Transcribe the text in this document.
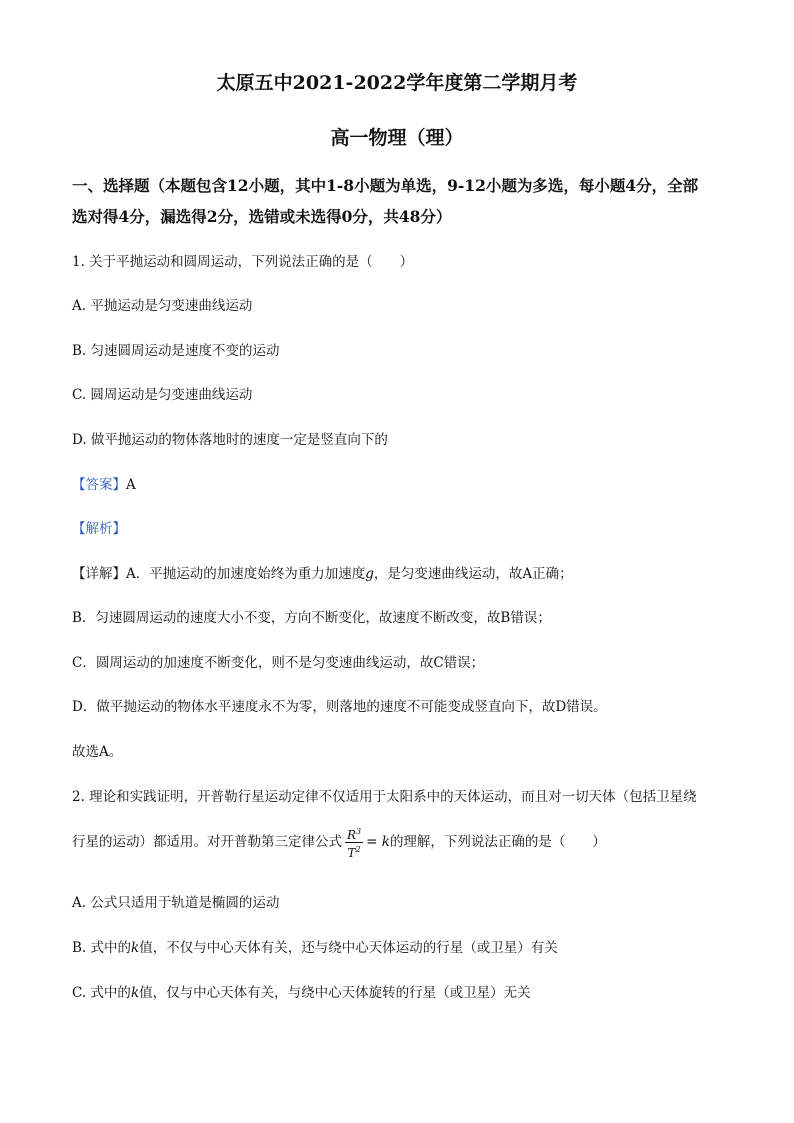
太原五中2021-2022学年度第二学期月考
高一物理（理）
一、选择题（本题包含12小题，其中1-8小题为单选，9-12小题为多选，每小题4分，全部
选对得4分，漏选得2分，选错或未选得0分，共48分）
1. 关于平抛运动和圆周运动，下列说法正确的是（　　）
A. 平抛运动是匀变速曲线运动
B. 匀速圆周运动是速度不变的运动
C. 圆周运动是匀变速曲线运动
D. 做平抛运动的物体落地时的速度一定是竖直向下的
【答案】A
【解析】
【详解】A．平抛运动的加速度始终为重力加速度g，是匀变速曲线运动，故A正确；
B．匀速圆周运动的速度大小不变，方向不断变化，故速度不断改变，故B错误；
C．圆周运动的加速度不断变化，则不是匀变速曲线运动，故C错误；
D．做平抛运动的物体水平速度永不为零，则落地的速度不可能变成竖直向下，故D错误。
故选A。
2. 理论和实践证明，开普勒行星运动定律不仅适用于太阳系中的天体运动，而且对一切天体（包括卫星绕
行星的运动）都适用。对开普勒第三定律公式 $\frac{R^3}{T^2} = k$的理解，下列说法正确的是（　　）
A. 公式只适用于轨道是椭圆的运动
B. 式中的k值，不仅与中心天体有关，还与绕中心天体运动的行星（或卫星）有关
C. 式中的k值，仅与中心天体有关，与绕中心天体旋转的行星（或卫星）无关
